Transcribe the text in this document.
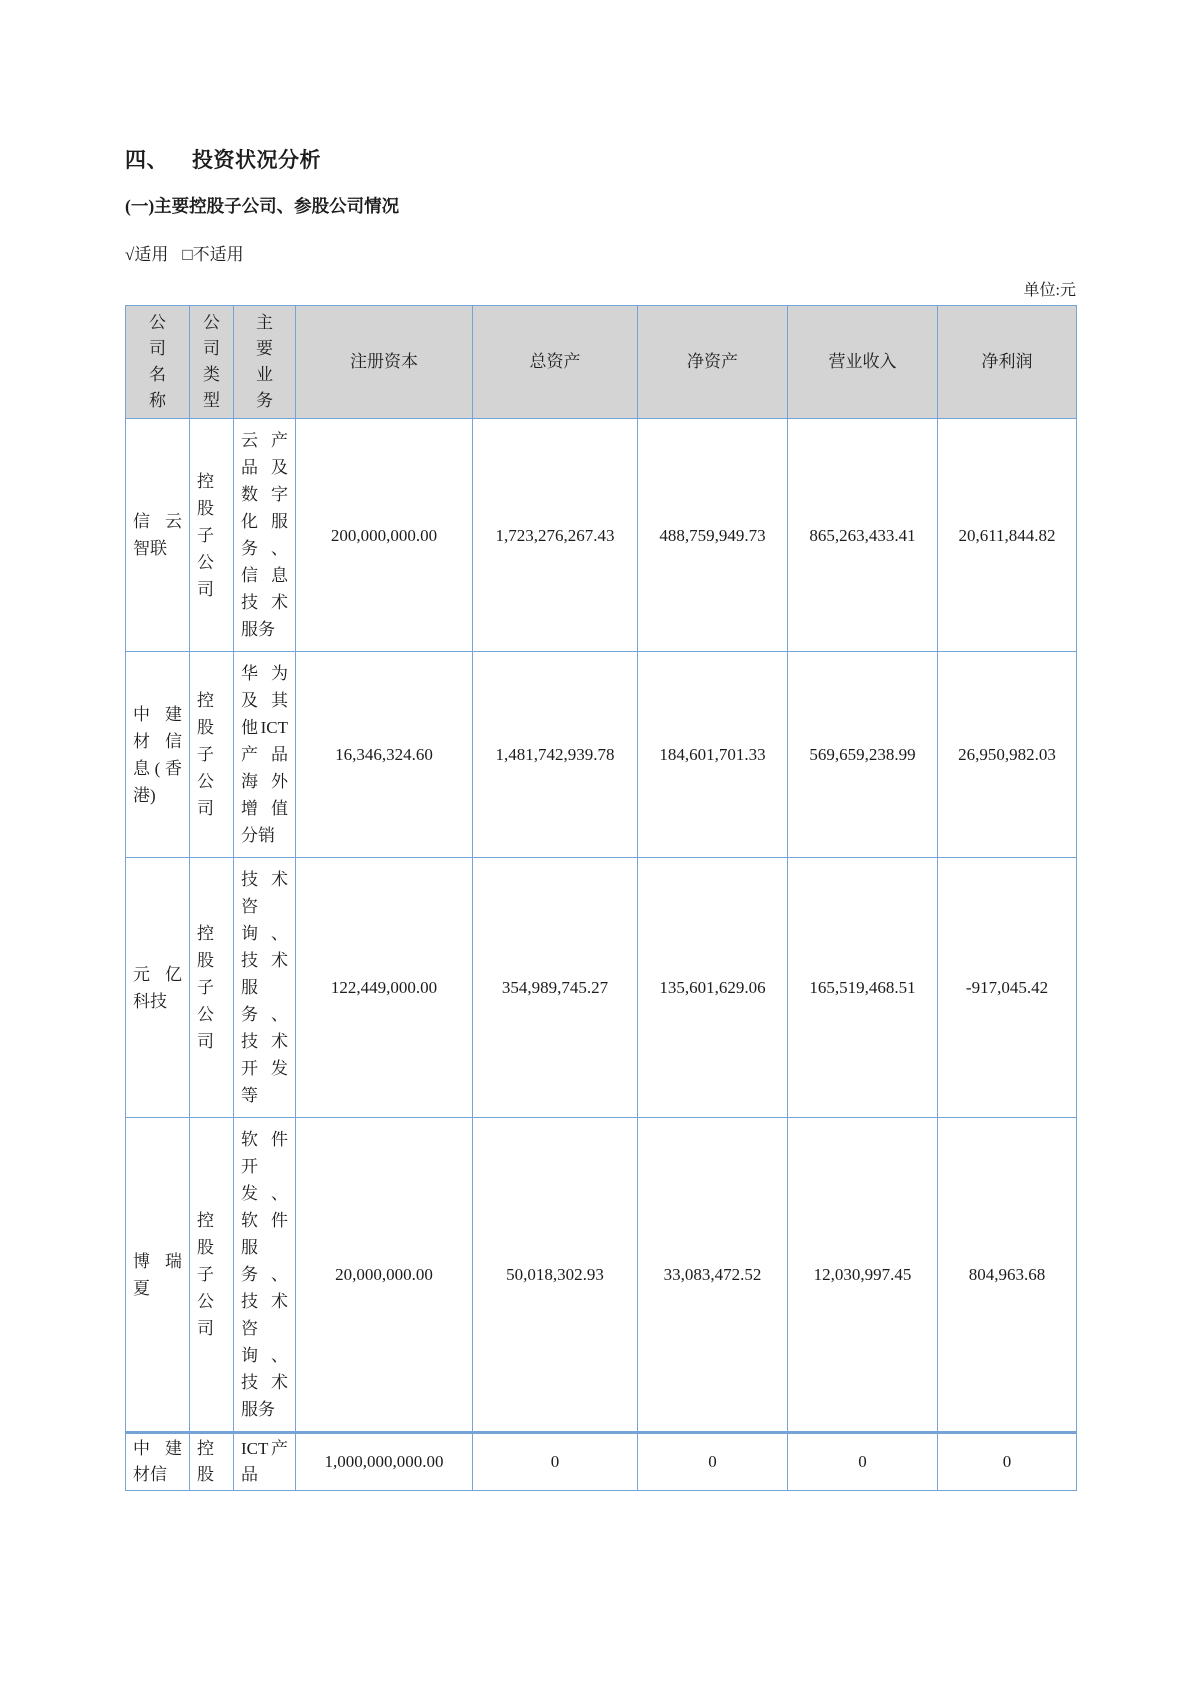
四、 投资状况分析
(一)主要控股子公司、参股公司情况

√适用 □不适用

单位:元

公司名称	公司类型	主要业务	注册资本	总资产	净资产	营业收入	净利润
信云智联	控股子公司	云产品及数字化服务、信息技术服务	200,000,000.00	1,723,276,267.43	488,759,949.73	865,263,433.41	20,611,844.82
中建材信息(香港)	控股子公司	华为及其他ICT产品海外增值分销	16,346,324.60	1,481,742,939.78	184,601,701.33	569,659,238.99	26,950,982.03
元亿科技	控股子公司	技术咨询、技术服务、技术开发等	122,449,000.00	354,989,745.27	135,601,629.06	165,519,468.51	-917,045.42
博瑞夏	控股子公司	软件开发、软件服务、技术咨询、技术服务	20,000,000.00	50,018,302.93	33,083,472.52	12,030,997.45	804,963.68
中建材信	控股	ICT产品	1,000,000,000.00	0	0	0	0
